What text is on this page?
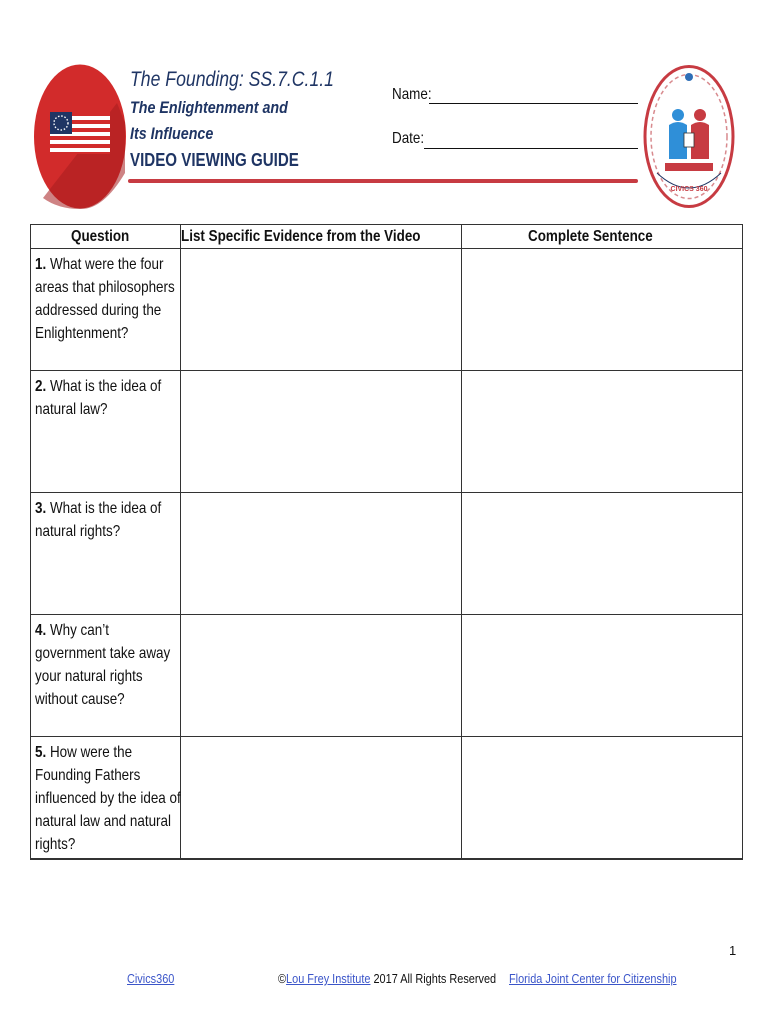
The Founding: SS.7.C.1.1
The Enlightenment and
Its Influence
VIDEO VIEWING GUIDE
Name:
Date:
CIVICS 360
Question	List Specific Evidence from the Video	Complete Sentence

1. What were the four areas that philosophers addressed during the Enlightenment?		

2. What is the idea of natural law?		

3. What is the idea of natural rights?		

4. Why can’t government take away your natural rights without cause?		

5. How were the Founding Fathers influenced by the idea of natural law and natural rights?		

1
Civics360	©Lou Frey Institute 2017 All Rights Reserved Florida Joint Center for Citizenship
